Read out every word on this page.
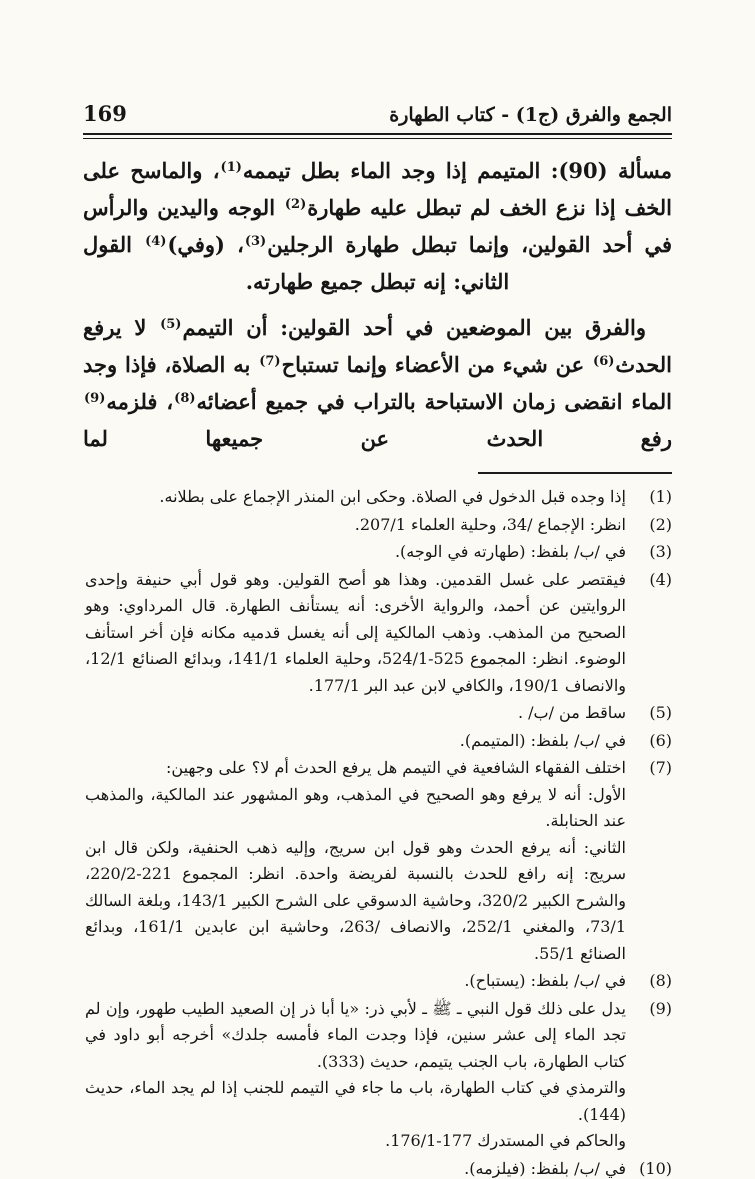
الجمع والفرق (ج1) - كتاب الطهارة
169

مسألة (90): المتيمم إذا وجد الماء بطل تيممه$^{(1)}$، والماسح على الخف إذا نزع الخف لم تبطل عليه طهارة$^{(2)}$ الوجه واليدين والرأس في أحد القولين، وإنما تبطل طهارة الرجلين$^{(3)}$، (وفي)$^{(4)}$ القول الثاني: إنه تبطل جميع طهارته.

والفرق بين الموضعين في أحد القولين: أن التيمم$^{(5)}$ لا يرفع الحدث$^{(6)}$ عن شيء من الأعضاء وإنما تستباح$^{(7)}$ به الصلاة، فإذا وجد الماء انقضى زمان الاستباحة بالتراب في جميع أعضائه$^{(8)}$، فلزمه$^{(9)}$ رفع الحدث عن جميعها لما

(1)

إذا وجده قبل الدخول في الصلاة. وحكى ابن المنذر الإجماع على بطلانه.

(2)

انظر: الإجماع /34، وحلية العلماء 207/1.

(3)

في /ب/ بلفظ: (طهارته في الوجه).

(4)

فيقتصر على غسل القدمين. وهذا هو أصح القولين. وهو قول أبي حنيفة وإحدى الروايتين عن أحمد، والرواية الأخرى: أنه يستأنف الطهارة. قال المرداوي: وهو الصحيح من المذهب. وذهب المالكية إلى أنه يغسل قدميه مكانه فإن أخر استأنف الوضوء. انظر: المجموع 525-524/1، وحلية العلماء 141/1، وبدائع الصنائع 12/1، والانصاف 190/1، والكافي لابن عبد البر 177/1.

(5)

ساقط من /ب/ .

(6)

في /ب/ بلفظ: (المتيمم).

(7)

اختلف الفقهاء الشافعية في التيمم هل يرفع الحدث أم لا؟ على وجهين:

الأول: أنه لا يرفع وهو الصحيح في المذهب، وهو المشهور عند المالكية، والمذهب عند الحنابلة.

الثاني: أنه يرفع الحدث وهو قول ابن سريج، وإليه ذهب الحنفية، ولكن قال ابن سريج: إنه رافع للحدث بالنسبة لفريضة واحدة. انظر: المجموع 221-220/2، والشرح الكبير 320/2، وحاشية الدسوقي على الشرح الكبير 143/1، وبلغة السالك 73/1، والمغني 252/1، والانصاف /263، وحاشية ابن عابدين 161/1، وبدائع الصنائع 55/1.

(8)

في /ب/ بلفظ: (يستباح).

(9)

يدل على ذلك قول النبي ـ ﷺ ـ لأبي ذر: «يا أبا ذر إن الصعيد الطيب طهور، وإن لم تجد الماء إلى عشر سنين، فإذا وجدت الماء فأمسه جلدك» أخرجه أبو داود في كتاب الطهارة، باب الجنب يتيمم، حديث (333).

والترمذي في كتاب الطهارة، باب ما جاء في التيمم للجنب إذا لم يجد الماء، حديث (144).

والحاكم في المستدرك 177-176/1.

(10)

في /ب/ بلفظ: (فيلزمه).
